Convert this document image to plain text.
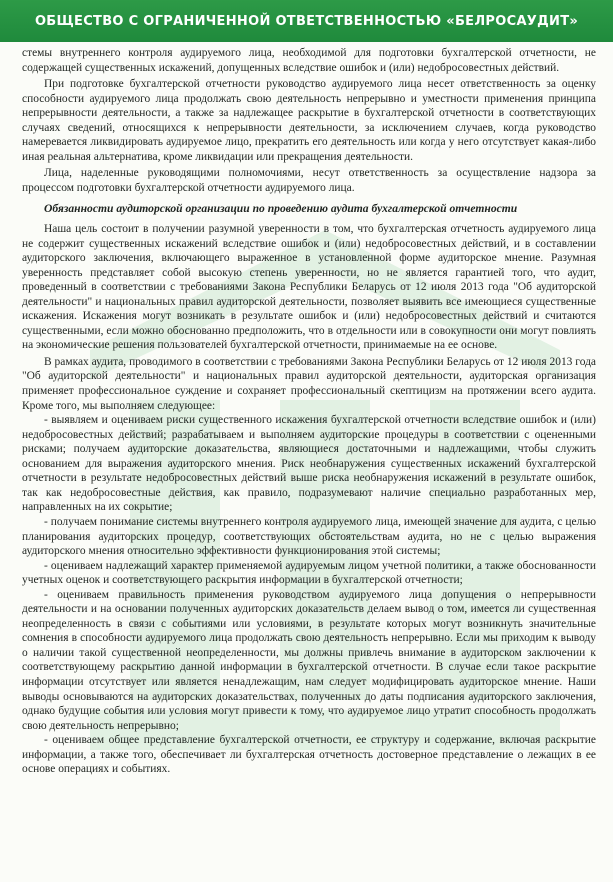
ОБЩЕСТВО С ОГРАНИЧЕННОЙ ОТВЕТСТВЕННОСТЬЮ «БЕЛРОСАУДИТ»

стемы внутреннего контроля аудируемого лица, необходимой для подготовки бухгалтерской отчетности, не содержащей существенных искажений, допущенных вследствие ошибок и (или) недобросовестных действий.

При подготовке бухгалтерской отчетности руководство аудируемого лица несет ответственность за оценку способности аудируемого лица продолжать свою деятельность непрерывно и уместности применения принципа непрерывности деятельности, а также за надлежащее раскрытие в бухгалтерской отчетности в соответствующих случаях сведений, относящихся к непрерывности деятельности, за исключением случаев, когда руководство намеревается ликвидировать аудируемое лицо, прекратить его деятельность или когда у него отсутствует какая-либо иная реальная альтернатива, кроме ликвидации или прекращения деятельности.

Лица, наделенные руководящими полномочиями, несут ответственность за осуществление надзора за процессом подготовки бухгалтерской отчетности аудируемого лица.

Обязанности аудиторской организации по проведению аудита бухгалтерской отчетности

Наша цель состоит в получении разумной уверенности в том, что бухгалтерская отчетность аудируемого лица не содержит существенных искажений вследствие ошибок и (или) недобросовестных действий, и в составлении аудиторского заключения, включающего выраженное в установленной форме аудиторское мнение. Разумная уверенность представляет собой высокую степень уверенности, но не является гарантией того, что аудит, проведенный в соответствии с требованиями Закона Республики Беларусь от 12 июля 2013 года "Об аудиторской деятельности" и национальных правил аудиторской деятельности, позволяет выявить все имеющиеся существенные искажения. Искажения могут возникать в результате ошибок и (или) недобросовестных действий и считаются существенными, если можно обоснованно предположить, что в отдельности или в совокупности они могут повлиять на экономические решения пользователей бухгалтерской отчетности, принимаемые на ее основе.

В рамках аудита, проводимого в соответствии с требованиями Закона Республики Беларусь от 12 июля 2013 года "Об аудиторской деятельности" и национальных правил аудиторской деятельности, аудиторская организация применяет профессиональное суждение и сохраняет профессиональный скептицизм на протяжении всего аудита. Кроме того, мы выполняем следующее:

- выявляем и оцениваем риски существенного искажения бухгалтерской отчетности вследствие ошибок и (или) недобросовестных действий; разрабатываем и выполняем аудиторские процедуры в соответствии с оцененными рисками; получаем аудиторские доказательства, являющиеся достаточными и надлежащими, чтобы служить основанием для выражения аудиторского мнения. Риск необнаружения существенных искажений бухгалтерской отчетности в результате недобросовестных действий выше риска необнаружения искажений в результате ошибок, так как недобросовестные действия, как правило, подразумевают наличие специально разработанных мер, направленных на их сокрытие;

- получаем понимание системы внутреннего контроля аудируемого лица, имеющей значение для аудита, с целью планирования аудиторских процедур, соответствующих обстоятельствам аудита, но не с целью выражения аудиторского мнения относительно эффективности функционирования этой системы;

- оцениваем надлежащий характер применяемой аудируемым лицом учетной политики, а также обоснованности учетных оценок и соответствующего раскрытия информации в бухгалтерской отчетности;

- оцениваем правильность применения руководством аудируемого лица допущения о непрерывности деятельности и на основании полученных аудиторских доказательств делаем вывод о том, имеется ли существенная неопределенность в связи с событиями или условиями, в результате которых могут возникнуть значительные сомнения в способности аудируемого лица продолжать свою деятельность непрерывно. Если мы приходим к выводу о наличии такой существенной неопределенности, мы должны привлечь внимание в аудиторском заключении к соответствующему раскрытию данной информации в бухгалтерской отчетности. В случае если такое раскрытие информации отсутствует или является ненадлежащим, нам следует модифицировать аудиторское мнение. Наши выводы основываются на аудиторских доказательствах, полученных до даты подписания аудиторского заключения, однако будущие события или условия могут привести к тому, что аудируемое лицо утратит способность продолжать свою деятельность непрерывно;

- оцениваем общее представление бухгалтерской отчетности, ее структуру и содержание, включая раскрытие информации, а также того, обеспечивает ли бухгалтерская отчетность достоверное представление о лежащих в ее основе операциях и событиях.
